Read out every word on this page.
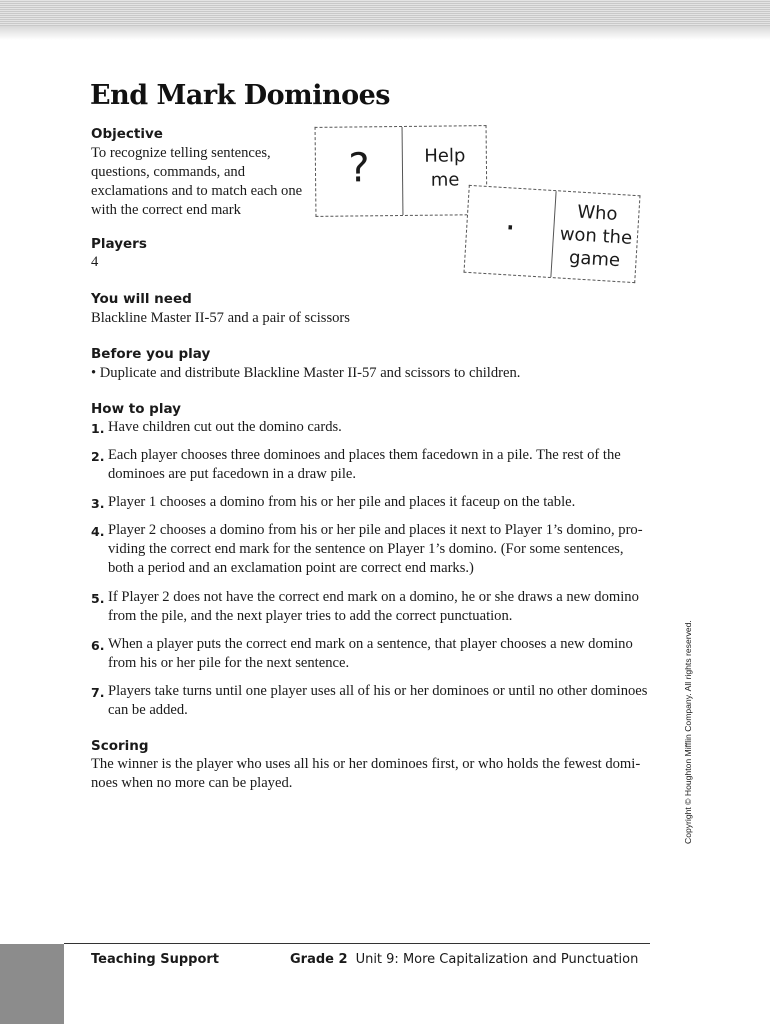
End Mark Dominoes
Objective

To recognize telling sentences, questions, commands, and exclamations and to match each one with the correct end mark

Players

4

You will need

Blackline Master II-57 and a pair of scissors

Before you play

• Duplicate and distribute Blackline Master II-57 and scissors to children.

How to play
1. Have children cut out the domino cards.
2. Each player chooses three dominoes and places them facedown in a pile. The rest of the dominoes are put facedown in a draw pile.
3. Player 1 chooses a domino from his or her pile and places it faceup on the table.
4. Player 2 chooses a domino from his or her pile and places it next to Player 1’s domino, providing the correct end mark for the sentence on Player 1’s domino. (For some sentences, both a period and an exclamation point are correct end marks.)
5. If Player 2 does not have the correct end mark on a domino, he or she draws a new domino from the pile, and the next player tries to add the correct punctuation.
6. When a player puts the correct end mark on a sentence, that player chooses a new domino from his or her pile for the next sentence.
7. Players take turns until one player uses all of his or her dominoes or until no other dominoes can be added.
Scoring

The winner is the player who uses all his or her dominoes first, or who holds the fewest dominoes when no more can be played.

?	Help
me
.	Who
won the
game
Copyright © Houghton Mifflin Company. All rights reserved.
Teaching Support	Grade 2 Unit 9: More Capitalization and Punctuation
